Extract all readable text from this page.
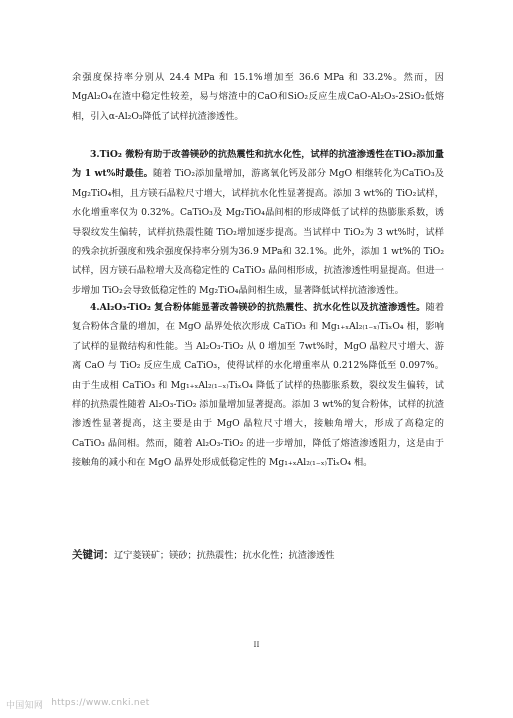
余强度保持率分别从 24.4 MPa 和 15.1%增加至 36.6 MPa 和 33.2%。然而，因MgAl₂O₄在渣中稳定性较差，易与熔渣中的CaO和SiO₂反应生成CaO-Al₂O₃-2SiO₂低熔相，引入α-Al₂O₃降低了试样抗渣渗透性。

3.TiO₂ 微粉有助于改善镁砂的抗热震性和抗水化性，试样的抗渣渗透性在TiO₂添加量为 1 wt%时最佳。随着 TiO₂添加量增加，游离氧化钙及部分 MgO 相继转化为CaTiO₃及Mg₂TiO₄相，且方镁石晶粒尺寸增大，试样抗水化性显著提高。添加 3 wt%的 TiO₂试样，水化增重率仅为 0.32%。CaTiO₃及 Mg₂TiO₄晶间相的形成降低了试样的热膨胀系数，诱导裂纹发生偏转，试样抗热震性随 TiO₂增加逐步提高。当试样中 TiO₂为 3 wt%时，试样的残余抗折强度和残余强度保持率分别为36.9 MPa和 32.1%。此外，添加 1 wt%的 TiO₂试样，因方镁石晶粒增大及高稳定性的 CaTiO₃ 晶间相形成，抗渣渗透性明显提高。但进一步增加 TiO₂会导致低稳定性的 Mg₂TiO₄晶间相生成，显著降低试样抗渣渗透性。

4.Al₂O₃-TiO₂ 复合粉体能显著改善镁砂的抗热震性、抗水化性以及抗渣渗透性。随着复合粉体含量的增加，在 MgO 晶界处依次形成 CaTiO₃ 和 Mg₁₊ₓAl₂₍₁₋ₓ₎TiₓO₄ 相，影响了试样的显微结构和性能。当 Al₂O₃-TiO₂ 从 0 增加至 7wt%时，MgO 晶粒尺寸增大、游离 CaO 与 TiO₂ 反应生成 CaTiO₃，使得试样的水化增重率从 0.212%降低至 0.097%。由于生成相 CaTiO₃ 和 Mg₁₊ₓAl₂₍₁₋ₓ₎TiₓO₄ 降低了试样的热膨胀系数，裂纹发生偏转，试样的抗热震性随着 Al₂O₃-TiO₂ 添加量增加显著提高。添加 3 wt%的复合粉体，试样的抗渣渗透性显著提高，这主要是由于 MgO 晶粒尺寸增大，接触角增大，形成了高稳定的 CaTiO₃ 晶间相。然而，随着 Al₂O₃-TiO₂ 的进一步增加，降低了熔渣渗透阻力，这是由于接触角的减小和在 MgO 晶界处形成低稳定性的 Mg₁₊ₓAl₂₍₁₋ₓ₎TiₓO₄ 相。

关键词：辽宁菱镁矿；镁砂；抗热震性；抗水化性；抗渣渗透性
II
中国知网 https://www.cnki.net
